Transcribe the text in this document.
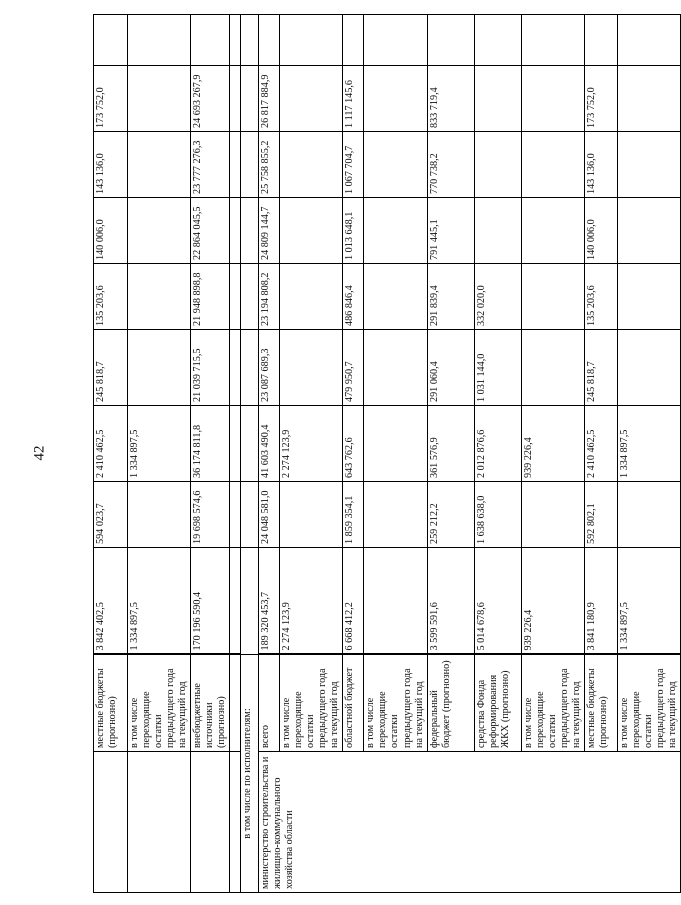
42
	местные бюджеты (прогнозно)	3 842 402,5	594 023,7	2 410 462,5	245 818,7	135 203,6	140 006,0	143 136,0	173 752,0	
	в том числе переходящие остатки предыдущего года на текущий год	1 334 897,5		1 334 897,5						
	внебюджетные источники (прогнозно)	170 196 590,4	19 698 574,6	36 174 811,8	21 039 715,5	21 948 898,8	22 864 045,5	23 777 276,3	24 693 267,9	

в том числе по исполнителям:										
министерство строительства и жилищно-коммунального хозяйства области	всего	189 320 453,7	24 048 581,0	41 603 490,4	23 087 689,3	23 194 808,2	24 809 144,7	25 758 855,2	26 817 884,9	
	в том числе переходящие остатки предыдущего года на текущий год	2 274 123,9		2 274 123,9						
	областной бюджет	6 668 412,2	1 859 354,1	643 762,6	479 950,7	486 846,4	1 013 648,1	1 067 704,7	1 117 145,6	
	в том числе переходящие остатки предыдущего года на текущий год									
	федеральный бюджет (прогнозно)	3 599 591,6	259 212,2	361 576,9	291 060,4	291 839,4	791 445,1	770 738,2	833 719,4	
	средства Фонда реформирования ЖКХ (прогнозно)	5 014 678,6	1 638 638,0	2 012 876,6	1 031 144,0	332 020,0				
	в том числе переходящие остатки предыдущего года на текущий год	939 226,4		939 226,4						
	местные бюджеты (прогнозно)	3 841 180,9	592 802,1	2 410 462,5	245 818,7	135 203,6	140 006,0	143 136,0	173 752,0	
	в том числе переходящие остатки предыдущего года на текущий год	1 334 897,5		1 334 897,5						
